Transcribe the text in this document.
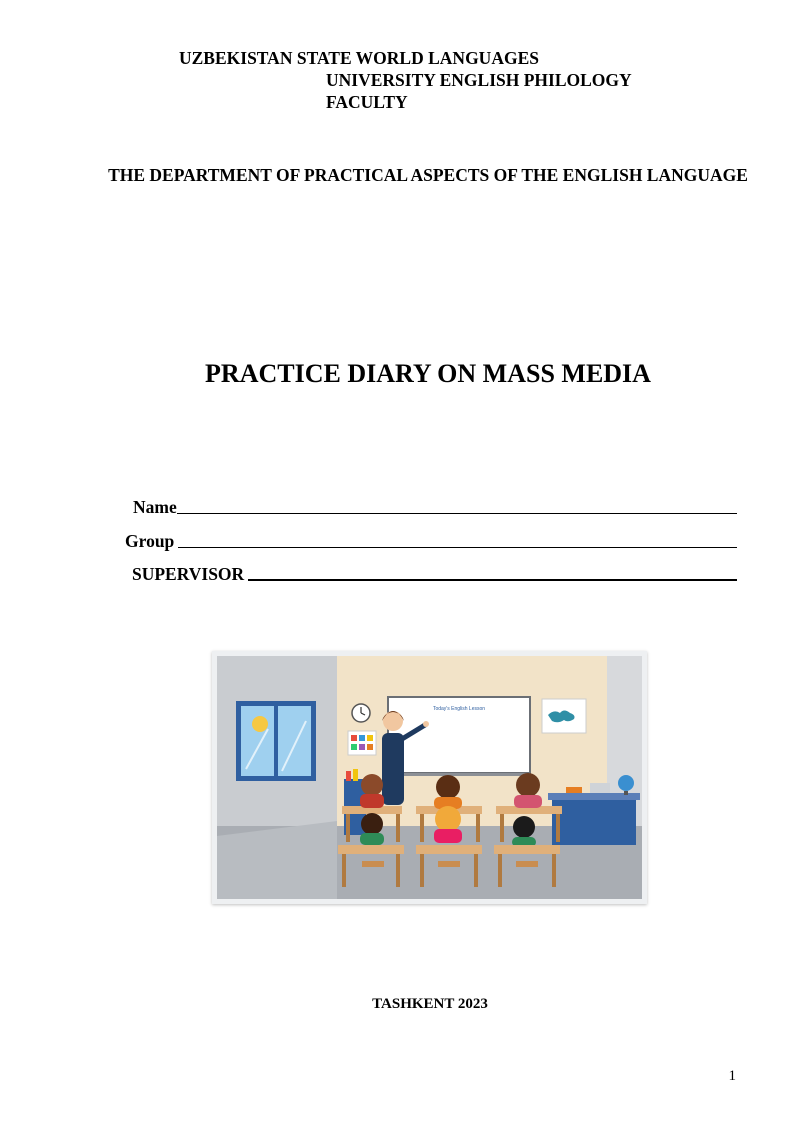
UZBEKISTAN STATE WORLD LANGUAGES
UNIVERSITY ENGLISH PHILOLOGY
FACULTY
THE DEPARTMENT OF PRACTICAL ASPECTS OF THE ENGLISH LANGUAGE
PRACTICE DIARY ON MASS MEDIA
Name
Group
SUPERVISOR
Today's English Lesson
TASHKENT 2023
1
